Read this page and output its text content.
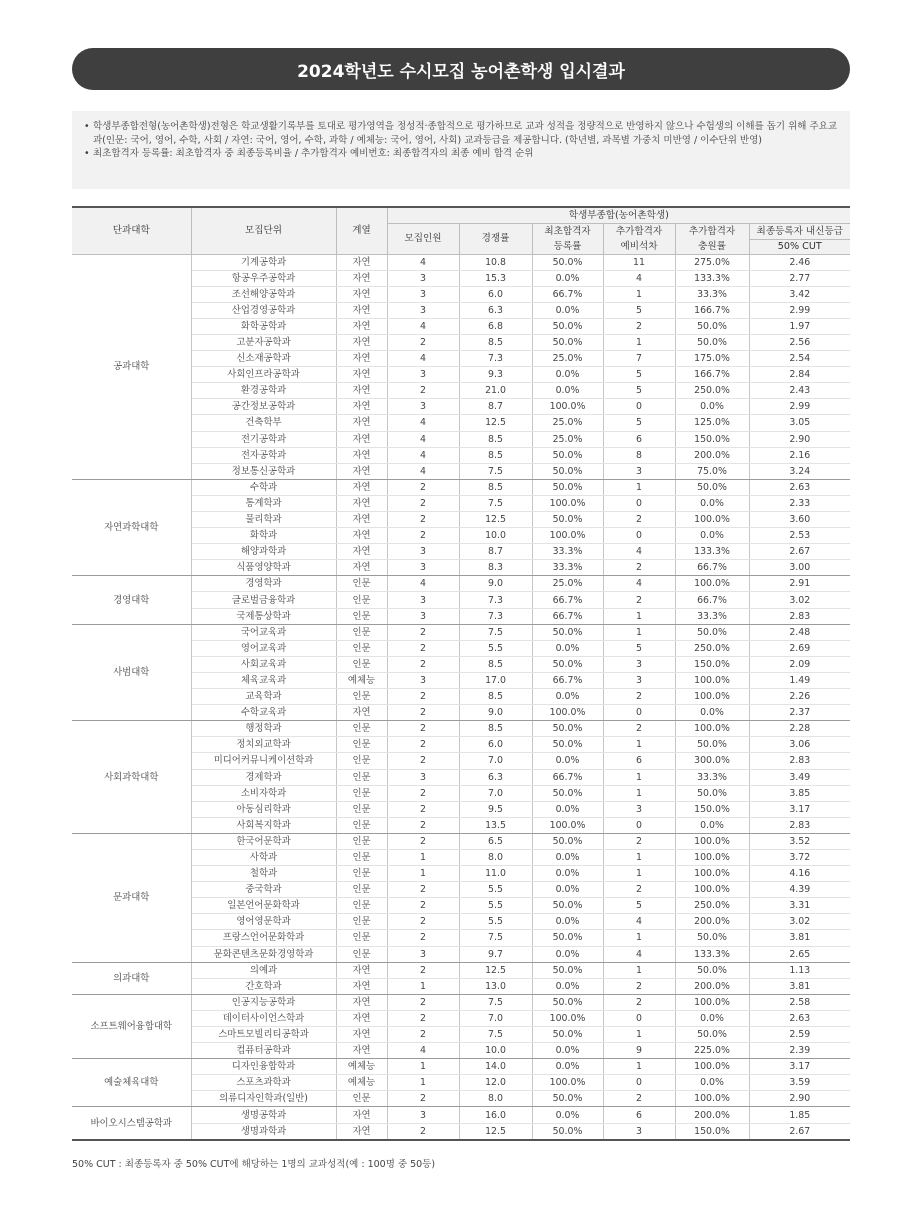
2024학년도 수시모집 농어촌학생 입시결과
• 학생부종합전형(농어촌학생)전형은 학교생활기록부를 토대로 평가영역을 정성적·종합적으로 평가하므로 교과 성적을 정량적으로 반영하지 않으나 수험생의 이해를 돕기 위해 주요교과(인문: 국어, 영어, 수학, 사회 / 자연: 국어, 영어, 수학, 과학 / 예체능: 국어, 영어, 사회) 교과등급을 제공합니다. (학년별, 과목별 가중치 미반영 / 이수단위 반영)
• 최초합격자 등록률: 최초합격자 중 최종등록비율 / 추가합격자 예비번호: 최종합격자의 최종 예비 합격 순위
단과대학	모집단위	계열	학생부종합(농어촌학생)					
			모집인원	경쟁률	최초합격자	추가합격자	추가합격자	최종등록자 내신등급
					등록률	예비석차	충원률	50% CUT
공과대학	기계공학과	자연	4	10.8	50.0%	11	275.0%	2.46
	항공우주공학과	자연	3	15.3	0.0%	4	133.3%	2.77
	조선해양공학과	자연	3	6.0	66.7%	1	33.3%	3.42
	산업경영공학과	자연	3	6.3	0.0%	5	166.7%	2.99
	화학공학과	자연	4	6.8	50.0%	2	50.0%	1.97
	고분자공학과	자연	2	8.5	50.0%	1	50.0%	2.56
	신소재공학과	자연	4	7.3	25.0%	7	175.0%	2.54
	사회인프라공학과	자연	3	9.3	0.0%	5	166.7%	2.84
	환경공학과	자연	2	21.0	0.0%	5	250.0%	2.43
	공간정보공학과	자연	3	8.7	100.0%	0	0.0%	2.99
	건축학부	자연	4	12.5	25.0%	5	125.0%	3.05
	전기공학과	자연	4	8.5	25.0%	6	150.0%	2.90
	전자공학과	자연	4	8.5	50.0%	8	200.0%	2.16
	정보통신공학과	자연	4	7.5	50.0%	3	75.0%	3.24
자연과학대학	수학과	자연	2	8.5	50.0%	1	50.0%	2.63
	통계학과	자연	2	7.5	100.0%	0	0.0%	2.33
	물리학과	자연	2	12.5	50.0%	2	100.0%	3.60
	화학과	자연	2	10.0	100.0%	0	0.0%	2.53
	해양과학과	자연	3	8.7	33.3%	4	133.3%	2.67
	식품영양학과	자연	3	8.3	33.3%	2	66.7%	3.00
경영대학	경영학과	인문	4	9.0	25.0%	4	100.0%	2.91
	글로벌금융학과	인문	3	7.3	66.7%	2	66.7%	3.02
	국제통상학과	인문	3	7.3	66.7%	1	33.3%	2.83
사범대학	국어교육과	인문	2	7.5	50.0%	1	50.0%	2.48
	영어교육과	인문	2	5.5	0.0%	5	250.0%	2.69
	사회교육과	인문	2	8.5	50.0%	3	150.0%	2.09
	체육교육과	예체능	3	17.0	66.7%	3	100.0%	1.49
	교육학과	인문	2	8.5	0.0%	2	100.0%	2.26
	수학교육과	자연	2	9.0	100.0%	0	0.0%	2.37
사회과학대학	행정학과	인문	2	8.5	50.0%	2	100.0%	2.28
	정치외교학과	인문	2	6.0	50.0%	1	50.0%	3.06
	미디어커뮤니케이션학과	인문	2	7.0	0.0%	6	300.0%	2.83
	경제학과	인문	3	6.3	66.7%	1	33.3%	3.49
	소비자학과	인문	2	7.0	50.0%	1	50.0%	3.85
	아동심리학과	인문	2	9.5	0.0%	3	150.0%	3.17
	사회복지학과	인문	2	13.5	100.0%	0	0.0%	2.83
문과대학	한국어문학과	인문	2	6.5	50.0%	2	100.0%	3.52
	사학과	인문	1	8.0	0.0%	1	100.0%	3.72
	철학과	인문	1	11.0	0.0%	1	100.0%	4.16
	중국학과	인문	2	5.5	0.0%	2	100.0%	4.39
	일본언어문화학과	인문	2	5.5	50.0%	5	250.0%	3.31
	영어영문학과	인문	2	5.5	0.0%	4	200.0%	3.02
	프랑스언어문화학과	인문	2	7.5	50.0%	1	50.0%	3.81
	문화콘텐츠문화경영학과	인문	3	9.7	0.0%	4	133.3%	2.65
의과대학	의예과	자연	2	12.5	50.0%	1	50.0%	1.13
	간호학과	자연	1	13.0	0.0%	2	200.0%	3.81
소프트웨어융합대학	인공지능공학과	자연	2	7.5	50.0%	2	100.0%	2.58
	데이터사이언스학과	자연	2	7.0	100.0%	0	0.0%	2.63
	스마트모빌리티공학과	자연	2	7.5	50.0%	1	50.0%	2.59
	컴퓨터공학과	자연	4	10.0	0.0%	9	225.0%	2.39
예술체육대학	디자인융합학과	예체능	1	14.0	0.0%	1	100.0%	3.17
	스포츠과학과	예체능	1	12.0	100.0%	0	0.0%	3.59
	의류디자인학과(일반)	인문	2	8.0	50.0%	2	100.0%	2.90
바이오시스템공학과	생명공학과	자연	3	16.0	0.0%	6	200.0%	1.85
	생명과학과	자연	2	12.5	50.0%	3	150.0%	2.67
50% CUT : 최종등록자 중 50% CUT에 해당하는 1명의 교과성적(예 : 100명 중 50등)
